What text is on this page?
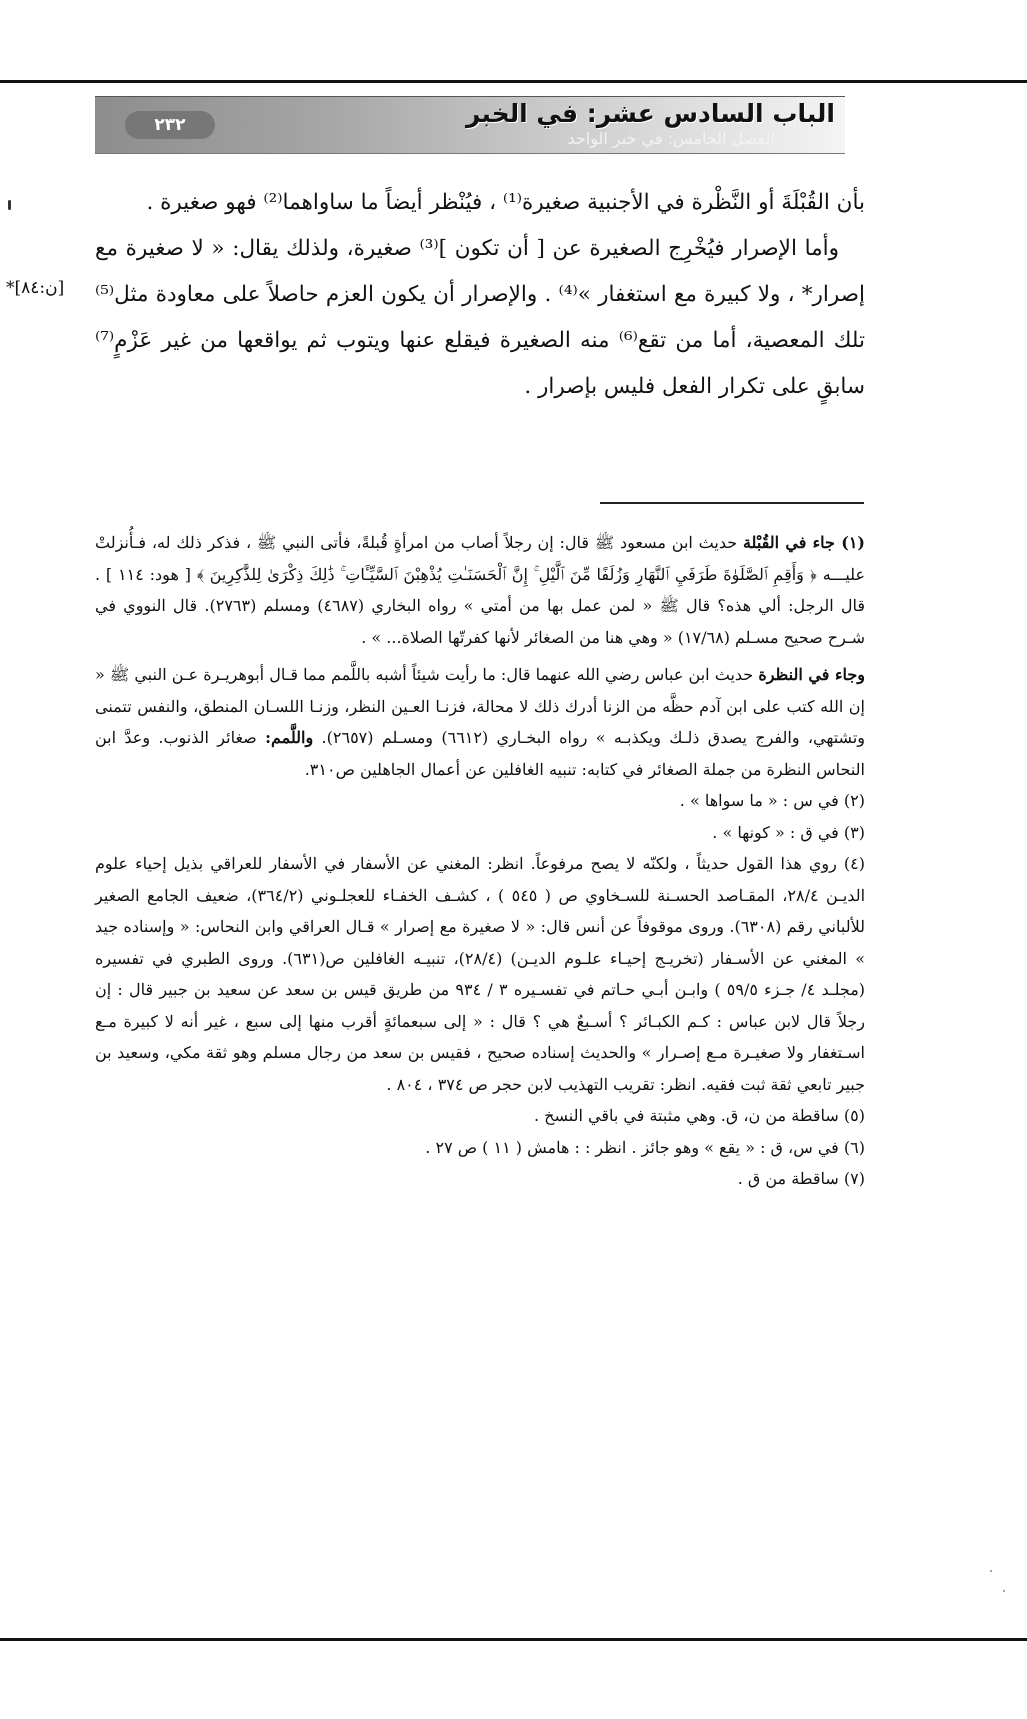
الباب السادس عشر: في الخبر
الفصل الخامس: في خبر الواحد
٢٣٢
*[ن:٨٤]

بأن القُبْلَةَ أو النَّظْرة في الأجنبية صغيرة⁽¹⁾ ، فيُنْظر أيضاً ما ساواهما⁽²⁾ فهو صغيرة .

وأما الإصرار فيُخْرِج الصغيرة عن [ أن تكون ]⁽³⁾ صغيرة، ولذلك يقال: « لا صغيرة مع إصرار* ، ولا كبيرة مع استغفار »⁽⁴⁾ . والإصرار أن يكون العزم حاصلاً على معاودة مثل⁽⁵⁾ تلك المعصية، أما من تقع⁽⁶⁾ منه الصغيرة فيقلع عنها ويتوب ثم يواقعها من غير عَزْمٍ⁽⁷⁾ سابقٍ على تكرار الفعل فليس بإصرار .

(١) جاء في القُبْلة حديث ابن مسعود ﷺ قال: إن رجلاً أصاب من امرأةٍ قُبلةً، فأتى النبي ﷺ ، فذكر ذلك له، فـأُنزلتْ عليـــه ﴿ وَأَقِمِ ٱلصَّلَوٰةَ طَرَفَيِ ٱلنَّهَارِ وَزُلَفًا مِّنَ ٱلَّيْلِ ۚ إِنَّ ٱلْحَسَنَـٰتِ يُذْهِبْنَ ٱلسَّيِّـَٔاتِ ۚ ذَٰلِكَ ذِكْرَىٰ لِلذَّٰكِرِينَ ﴾ [ هود: ١١٤ ] . قال الرجل: ألي هذه؟ قال ﷺ « لمن عمل بها من أمتي » رواه البخاري (٤٦٨٧) ومسلم (٢٧٦٣). قال النووي في شـرح صحيح مسـلم (١٧/٦٨) « وهي هنا من الصغائر لأنها كفرتّها الصلاة... » .

وجاء في النظرة حديث ابن عباس رضي الله عنهما قال: ما رأيت شيئاً أشبه باللَّمم مما قـال أبوهريـرة عـن النبي ﷺ « إن الله كتب على ابن آدم حظَّه من الزنا أدرك ذلك لا محالة، فزنـا العـين النظر، وزنـا اللسـان المنطق، والنفس تتمنى وتشتهي، والفرج يصدق ذلـك ويكذبـه » رواه البخـاري (٦٦١٢) ومسـلم (٢٦٥٧). واللَّمم: صغائر الذنوب. وعدَّ ابن النحاس النظرة من جملة الصغائر في كتابه: تنبيه الغافلين عن أعمال الجاهلين ص٣١٠.

(٢) في س : « ما سواها » .

(٣) في ق : « كونها » .

(٤) روي هذا القول حديثاً ، ولكنّه لا يصح مرفوعاً. انظر: المغني عن الأسفار في الأسفار للعراقي بذيل إحياء علوم الديـن ٢٨/٤، المقـاصد الحسـنة للسـخاوي ص ( ٥٤٥ ) ، كشـف الخفـاء للعجلـوني (٣٦٤/٢)، ضعيف الجامع الصغير للألباني رقم (٦٣٠٨). وروى موقوفاً عن أنس قال: « لا صغيرة مع إصرار » قـال العراقي وابن النحاس: « وإسناده جيد » المغني عن الأسـفار (تخريـج إحيـاء علـوم الديـن) (٢٨/٤)، تنبيـه الغافلين ص(٦٣١). وروى الطبري في تفسيره (مجلـد ٤/ جـزء ٥٩/٥ ) وابـن أبـي حـاتم في تفسـيره ٣ / ٩٣٤ من طريق قيس بن سعد عن سعيد بن جبير قال : إن رجلاً قال لابن عباس : كـم الكبـائر ؟ أسـبعٌ هي ؟ قال : « إلى سبعمائةٍ أقرب منها إلى سبع ، غير أنه لا كبيرة مـع اسـتغفار ولا صغيـرة مـع إصـرار » والحديث إسناده صحيح ، فقيس بن سعد من رجال مسلم وهو ثقة مكي، وسعيد بن جبير تابعي ثقة ثبت فقيه. انظر: تقريب التهذيب لابن حجر ص ٣٧٤ ، ٨٠٤ .

(٥) ساقطة من ن، ق. وهي مثبتة في باقي النسخ .

(٦) في س، ق : « يقع » وهو جائز . انظر : : هامش ( ١١ ) ص ٢٧ .

(٧) ساقطة من ق .
